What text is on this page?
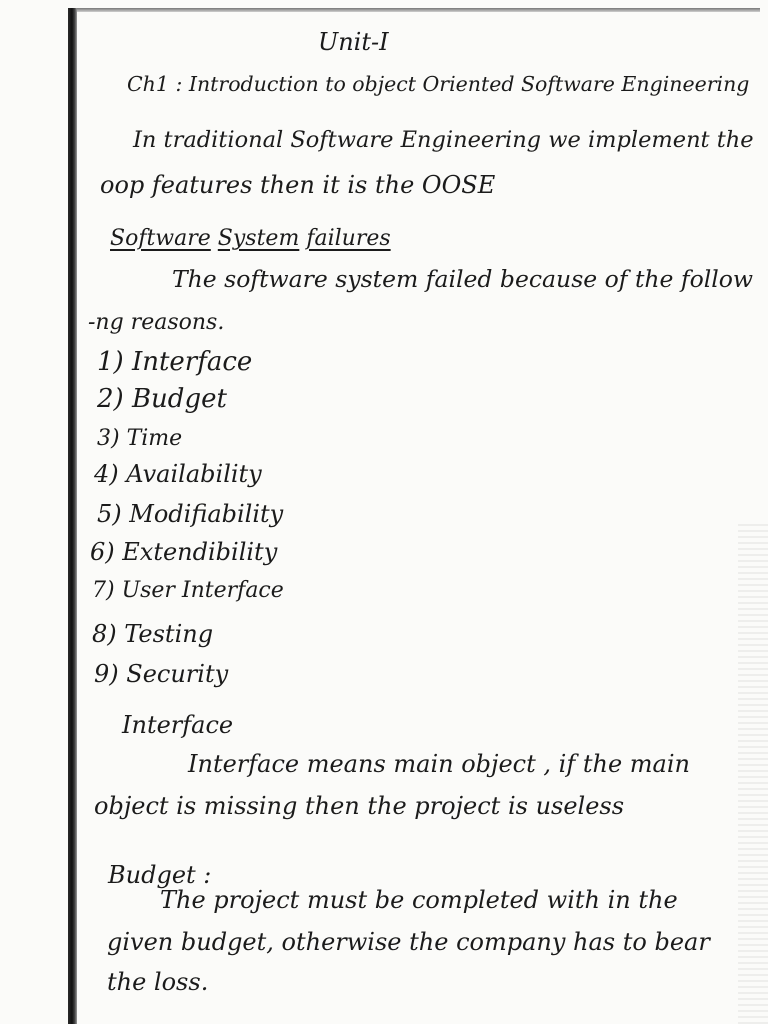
Unit-I
Ch1 : Introduction to object Oriented Software Engineering
In traditional Software Engineering we implement the
oop features then it is the OOSE
Software System failures
The software system failed because of the follow
-ng reasons.
1) Interface
2) Budget
3) Time
4) Availability
5) Modifiability
6) Extendibility
7) User Interface
8) Testing
9) Security
Interface
Interface means main object , if the main
object is missing then the project is useless
Budget :
The project must be completed with in the
given budget, otherwise the company has to bear
the loss.
